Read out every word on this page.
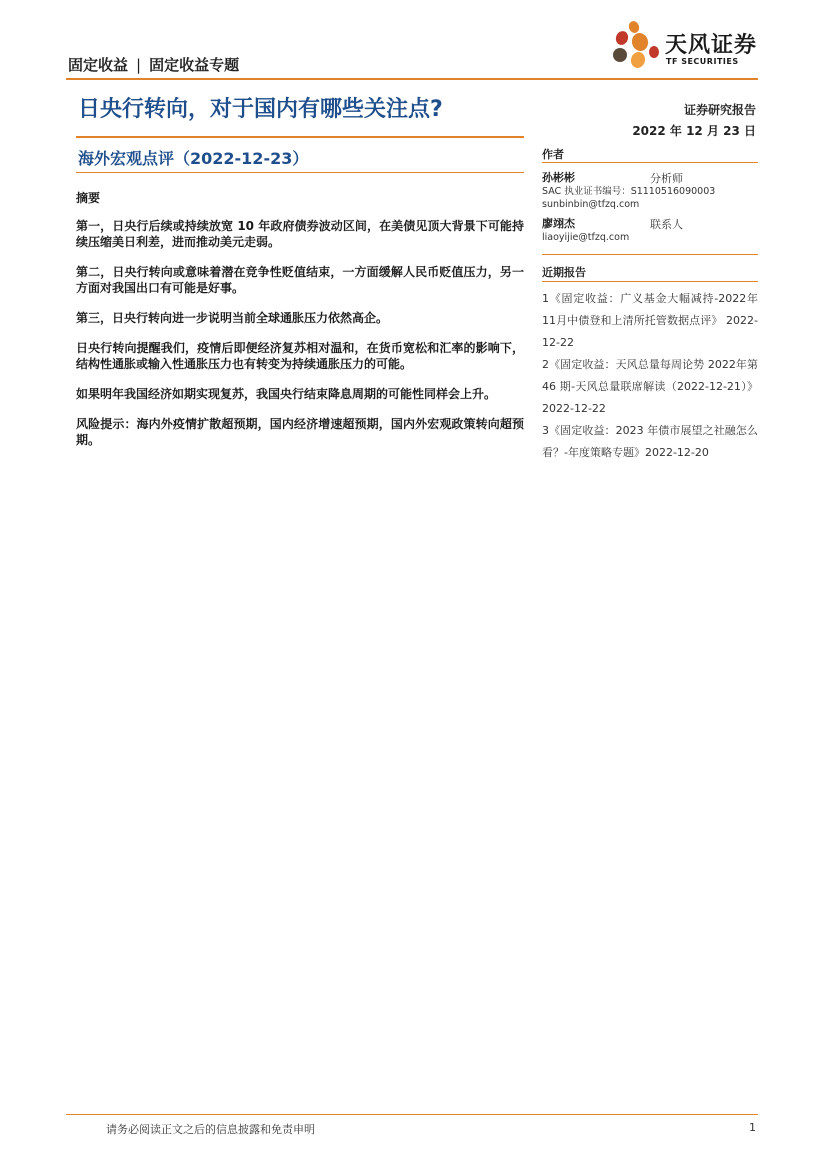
固定收益 | 固定收益专题
天风证券
TF SECURITIES
日央行转向，对于国内有哪些关注点?	证券研究报告
2022 年 12 月 23 日
海外宏观点评（2022-12-23）
摘要

第一，日央行后续或持续放宽 10 年政府债券波动区间，在美债见顶大背景下可能持续压缩美日利差，进而推动美元走弱。

第二，日央行转向或意味着潜在竞争性贬值结束，一方面缓解人民币贬值压力，另一方面对我国出口有可能是好事。

第三，日央行转向进一步说明当前全球通胀压力依然高企。

日央行转向提醒我们，疫情后即便经济复苏相对温和，在货币宽松和汇率的影响下，结构性通胀或输入性通胀压力也有转变为持续通胀压力的可能。

如果明年我国经济如期实现复苏，我国央行结束降息周期的可能性同样会上升。

风险提示：海内外疫情扩散超预期，国内经济增速超预期，国内外宏观政策转向超预期。

作者
孙彬彬	分析师
SAC 执业证书编号：S1110516090003
sunbinbin@tfzq.com
廖翊杰	联系人
liaoyijie@tfzq.com
近期报告
1《固定收益：广义基金大幅减持-2022年11月中债登和上清所托管数据点评》 2022-12-22
2《固定收益：天风总量每周论势 2022年第 46 期-天风总量联席解读（2022-12-21）》 2022-12-22
3《固定收益：2023 年债市展望之社融怎么看？-年度策略专题》2022-12-20
请务必阅读正文之后的信息披露和免责申明	1
